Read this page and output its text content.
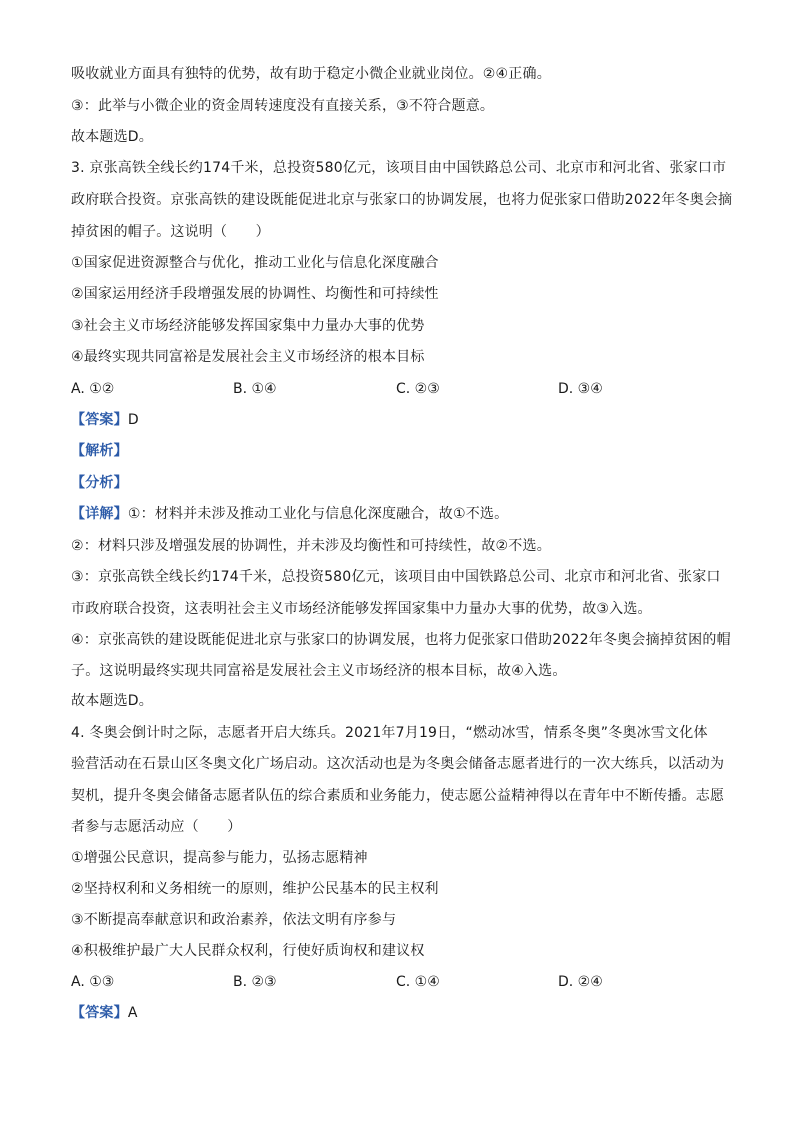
吸收就业方面具有独特的优势，故有助于稳定小微企业就业岗位。②④正确。
③：此举与小微企业的资金周转速度没有直接关系，③不符合题意。
故本题选D。
3. 京张高铁全线长约174千米，总投资580亿元，该项目由中国铁路总公司、北京市和河北省、张家口市
政府联合投资。京张高铁的建设既能促进北京与张家口的协调发展，也将力促张家口借助2022年冬奥会摘
掉贫困的帽子。这说明（　　）
①国家促进资源整合与优化，推动工业化与信息化深度融合
②国家运用经济手段增强发展的协调性、均衡性和可持续性
③社会主义市场经济能够发挥国家集中力量办大事的优势
④最终实现共同富裕是发展社会主义市场经济的根本目标
A. ①②	B. ①④	C. ②③	D. ③④
【答案】D
【解析】
【分析】
【详解】①：材料并未涉及推动工业化与信息化深度融合，故①不选。
②：材料只涉及增强发展的协调性，并未涉及均衡性和可持续性，故②不选。
③：京张高铁全线长约174千米，总投资580亿元，该项目由中国铁路总公司、北京市和河北省、张家口
市政府联合投资，这表明社会主义市场经济能够发挥国家集中力量办大事的优势，故③入选。
④：京张高铁的建设既能促进北京与张家口的协调发展，也将力促张家口借助2022年冬奥会摘掉贫困的帽
子。这说明最终实现共同富裕是发展社会主义市场经济的根本目标，故④入选。
故本题选D。
4. 冬奥会倒计时之际，志愿者开启大练兵。2021年7月19日，“燃动冰雪，情系冬奥”冬奥冰雪文化体
验营活动在石景山区冬奥文化广场启动。这次活动也是为冬奥会储备志愿者进行的一次大练兵，以活动为
契机，提升冬奥会储备志愿者队伍的综合素质和业务能力，使志愿公益精神得以在青年中不断传播。志愿
者参与志愿活动应（　　）
①增强公民意识，提高参与能力，弘扬志愿精神
②坚持权利和义务相统一的原则，维护公民基本的民主权利
③不断提高奉献意识和政治素养，依法文明有序参与
④积极维护最广大人民群众权利，行使好质询权和建议权
A. ①③	B. ②③	C. ①④	D. ②④
【答案】A
